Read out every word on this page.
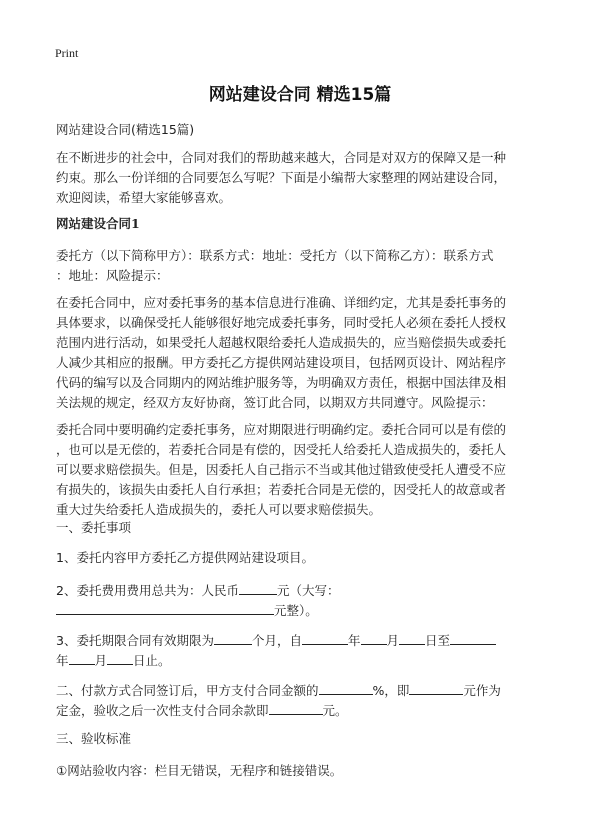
Print
网站建设合同 精选15篇
网站建设合同(精选15篇)
在不断进步的社会中，合同对我们的帮助越来越大，合同是对双方的保障又是一种
约束。那么一份详细的合同要怎么写呢？下面是小编帮大家整理的网站建设合同，
欢迎阅读，希望大家能够喜欢。
网站建设合同1
委托方（以下简称甲方）：联系方式：地址：受托方（以下简称乙方）：联系方式
：地址：风险提示：
在委托合同中，应对委托事务的基本信息进行准确、详细约定，尤其是委托事务的
具体要求，以确保受托人能够很好地完成委托事务，同时受托人必须在委托人授权
范围内进行活动，如果受托人超越权限给委托人造成损失的，应当赔偿损失或委托
人减少其相应的报酬。甲方委托乙方提供网站建设项目，包括网页设计、网站程序
代码的编写以及合同期内的网站维护服务等，为明确双方责任，根据中国法律及相
关法规的规定，经双方友好协商，签订此合同，以期双方共同遵守。风险提示：
委托合同中要明确约定委托事务，应对期限进行明确约定。委托合同可以是有偿的
，也可以是无偿的，若委托合同是有偿的，因受托人给委托人造成损失的，委托人
可以要求赔偿损失。但是，因委托人自己指示不当或其他过错致使受托人遭受不应
有损失的，该损失由委托人自行承担；若委托合同是无偿的，因受托人的故意或者
重大过失给委托人造成损失的，委托人可以要求赔偿损失。
一、委托事项
1、委托内容甲方委托乙方提供网站建设项目。
2、委托费用费用总共为：人民币	元（大写：
元整）。
3、委托期限合同有效期限为	个月，自	年 月 日至
年 月 日止。
二、付款方式合同签订后，甲方支付合同金额的	%，即	元作为
定金，验收之后一次性支付合同余款即	元。
三、验收标准
①网站验收内容：栏目无错误，无程序和链接错误。
